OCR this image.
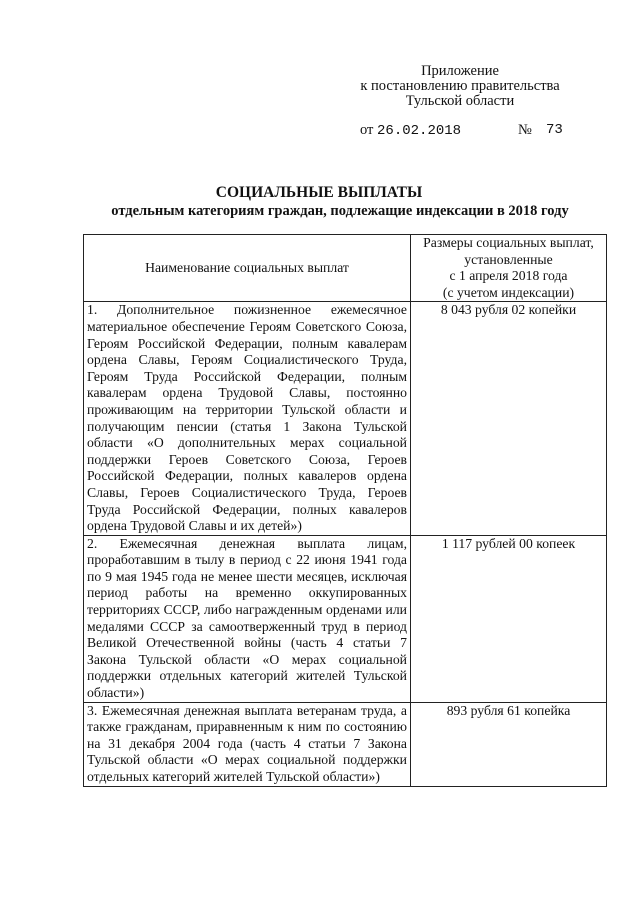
Приложение
к постановлению правительства
Тульской области
от 26.02.2018	№ 73
СОЦИАЛЬНЫЕ ВЫПЛАТЫ
отдельным категориям граждан, подлежащие индексации в 2018 году
Наименование социальных выплат	Размеры социальных выплат,
установленные
с 1 апреля 2018 года
(с учетом индексации)

1. Дополнительное пожизненное ежемесячное материальное обеспечение Героям Советского Союза, Героям Российской Федерации, полным кавалерам ордена Славы, Героям Социалистического Труда, Героям Труда Российской Федерации, полным кавалерам ордена Трудовой Славы, постоянно проживающим на территории Тульской области и получающим пенсии (статья 1 Закона Тульской области «О дополнительных мерах социальной поддержки Героев Советского Союза, Героев Российской Федерации, полных кавалеров ордена Славы, Героев Социалистического Труда, Героев Труда Российской Федерации, полных кавалеров ордена Трудовой Славы и их детей»)	8 043 рубля 02 копейки
2. Ежемесячная денежная выплата лицам, проработавшим в тылу в период с 22 июня 1941 года по 9 мая 1945 года не менее шести месяцев, исключая период работы на временно оккупированных территориях СССР, либо награжденным орденами или медалями СССР за самоотверженный труд в период Великой Отечественной войны (часть 4 статьи 7 Закона Тульской области «О мерах социальной поддержки отдельных категорий жителей Тульской области»)	1 117 рублей 00 копеек
3. Ежемесячная денежная выплата ветеранам труда, а также гражданам, приравненным к ним по состоянию на 31 декабря 2004 года (часть 4 статьи 7 Закона Тульской области «О мерах социальной поддержки отдельных категорий жителей Тульской области»)	893 рубля 61 копейка
